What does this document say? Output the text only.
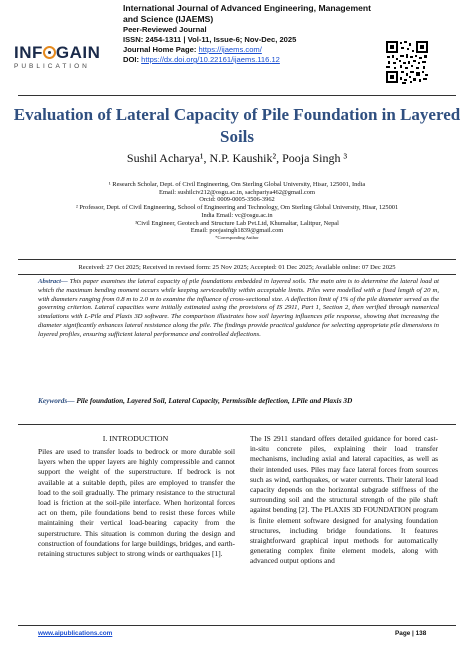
INF GAIN
PUBLICATION
International Journal of Advanced Engineering, Management and Science (IJAEMS)
Peer-Reviewed Journal
ISSN: 2454-1311 | Vol-11, Issue-6; Nov-Dec, 2025
Journal Home Page: https://ijaems.com/
DOI: https://dx.doi.org/10.22161/ijaems.116.12
Evaluation of Lateral Capacity of Pile Foundation in Layered Soils
Sushil Acharya¹, N.P. Kaushik², Pooja Singh ³
¹ Research Scholar, Dept. of Civil Engineering, Om Sterling Global University, Hisar, 125001, India
Email: sushilciv212@osgu.ac.in, sachpariya462@gmail.com
Orcid: 0009-0005-3506-3962
² Professor, Dept. of Civil Engineering, School of Engineering and Technology, Om Sterling Global University, Hisar, 125001
India Email: vc@osgu.ac.in
³Civil Engineer, Geotech and Structure Lab Pvt.Ltd, Khumaltar, Lalitpur, Nepal
Email: poojasingh1839@gmail.com
*Corresponding Author
Received: 27 Oct 2025; Received in revised form: 25 Nov 2025; Accepted: 01 Dec 2025; Available online: 07 Dec 2025
Abstract— This paper examines the lateral capacity of pile foundations embedded in layered soils. The main aim is to determine the lateral load at which the maximum bending moment occurs while keeping serviceability within acceptable limits. Piles were modelled with a fixed length of 20 m, with diameters ranging from 0.8 m to 2.0 m to examine the influence of cross-sectional size. A deflection limit of 1% of the pile diameter served as the governing criterion. Lateral capacities were initially estimated using the provisions of IS 2911, Part 1, Section 2, then verified through numerical simulations with L-Pile and Plaxis 3D software. The comparison illustrates how soil layering influences pile response, showing that increasing the diameter significantly enhances lateral resistance along the pile. The findings provide practical guidance for selecting appropriate pile dimensions in layered profiles, ensuring sufficient lateral performance and controlled deflections.
Keywords— Pile foundation, Layered Soil, Lateral Capacity, Permissible deflection, LPile and Plaxis 3D
I. INTRODUCTION
Piles are used to transfer loads to bedrock or more durable soil layers when the upper layers are highly compressible and cannot support the weight of the superstructure. If bedrock is not available at a suitable depth, piles are employed to transfer the load to the soil gradually. The primary resistance to the structural load is friction at the soil-pile interface. When horizontal forces act on them, pile foundations bend to resist these forces while maintaining their vertical load-bearing capacity from the superstructure. This situation is common during the design and construction of foundations for large buildings, bridges, and earth-retaining structures subject to strong winds or earthquakes [1].
The IS 2911 standard offers detailed guidance for bored cast-in-situ concrete piles, explaining their load transfer mechanisms, including axial and lateral capacities, as well as their intended uses. Piles may face lateral forces from sources such as wind, earthquakes, or water currents. Their lateral load capacity depends on the horizontal subgrade stiffness of the surrounding soil and the structural strength of the pile shaft against bending [2]. The PLAXIS 3D FOUNDATION program is finite element software designed for analysing foundation structures, including bridge foundations. It features straightforward graphical input methods for automatically generating complex finite element models, along with advanced output options and
www.aipublications.com	Page | 138
